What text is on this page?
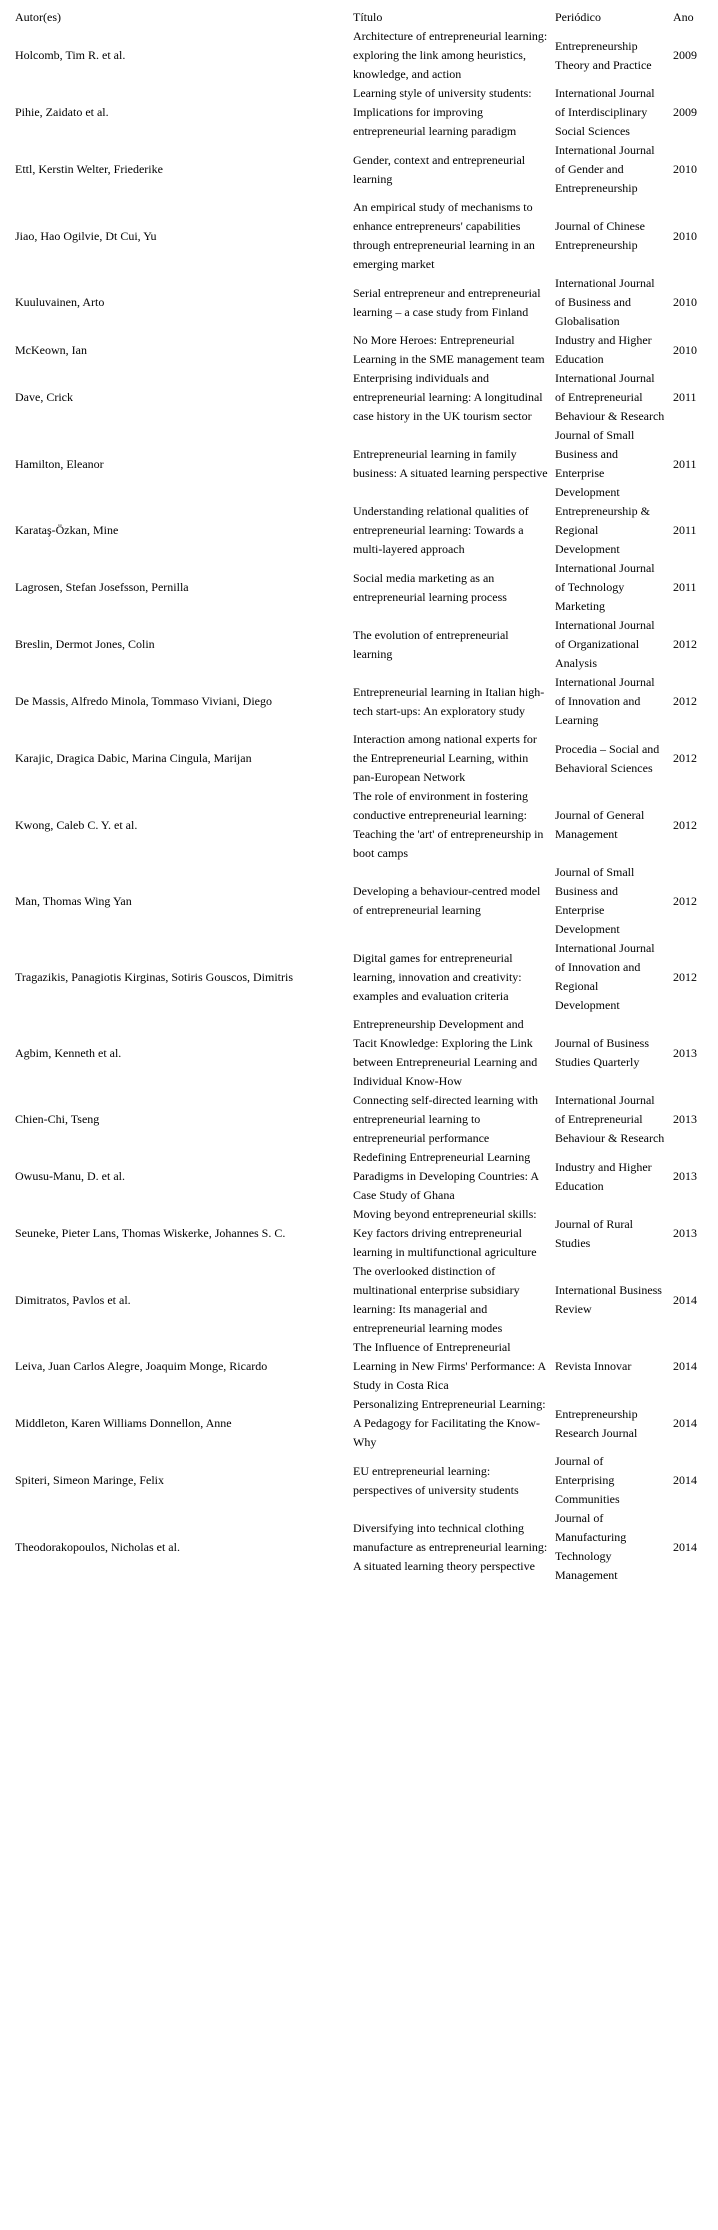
Autor(es)	Título	Periódico	Ano
Holcomb, Tim R. et al.	Architecture of entrepreneurial learning: exploring the link among heuristics, knowledge, and action	Entrepreneurship Theory and Practice	2009
Pihie, Zaidato et al.	Learning style of university students: Implications for improving entrepreneurial learning paradigm	International Journal of Interdisciplinary Social Sciences	2009
Ettl, Kerstin Welter, Friederike	Gender, context and entrepreneurial learning	International Journal of Gender and Entrepreneurship	2010
Jiao, Hao Ogilvie, Dt Cui, Yu	An empirical study of mechanisms to enhance entrepreneurs' capabilities through entrepreneurial learning in an emerging market	Journal of Chinese Entrepreneurship	2010
Kuuluvainen, Arto	Serial entrepreneur and entrepreneurial learning – a case study from Finland	International Journal of Business and Globalisation	2010
McKeown, Ian	No More Heroes: Entrepreneurial Learning in the SME management team	Industry and Higher Education	2010
Dave, Crick	Enterprising individuals and entrepreneurial learning: A longitudinal case history in the UK tourism sector	International Journal of Entrepreneurial Behaviour & Research	2011
Hamilton, Eleanor	Entrepreneurial learning in family business: A situated learning perspective	Journal of Small Business and Enterprise Development	2011
Karataş-Özkan, Mine	Understanding relational qualities of entrepreneurial learning: Towards a multi-layered approach	Entrepreneurship & Regional Development	2011
Lagrosen, Stefan Josefsson, Pernilla	Social media marketing as an entrepreneurial learning process	International Journal of Technology Marketing	2011
Breslin, Dermot Jones, Colin	The evolution of entrepreneurial learning	International Journal of Organizational Analysis	2012
De Massis, Alfredo Minola, Tommaso Viviani, Diego	Entrepreneurial learning in Italian high-tech start-ups: An exploratory study	International Journal of Innovation and Learning	2012
Karajic, Dragica Dabic, Marina Cingula, Marijan	Interaction among national experts for the Entrepreneurial Learning, within pan-European Network	Procedia – Social and Behavioral Sciences	2012
Kwong, Caleb C. Y. et al.	The role of environment in fostering conductive entrepreneurial learning: Teaching the 'art' of entrepreneurship in boot camps	Journal of General Management	2012
Man, Thomas Wing Yan	Developing a behaviour-centred model of entrepreneurial learning	Journal of Small Business and Enterprise Development	2012
Tragazikis, Panagiotis Kirginas, Sotiris Gouscos, Dimitris	Digital games for entrepreneurial learning, innovation and creativity: examples and evaluation criteria	International Journal of Innovation and Regional Development	2012
Agbim, Kenneth et al.	Entrepreneurship Development and Tacit Knowledge: Exploring the Link between Entrepreneurial Learning and Individual Know-How	Journal of Business Studies Quarterly	2013
Chien-Chi, Tseng	Connecting self-directed learning with entrepreneurial learning to entrepreneurial performance	International Journal of Entrepreneurial Behaviour & Research	2013
Owusu-Manu, D. et al.	Redefining Entrepreneurial Learning Paradigms in Developing Countries: A Case Study of Ghana	Industry and Higher Education	2013
Seuneke, Pieter Lans, Thomas Wiskerke, Johannes S. C.	Moving beyond entrepreneurial skills: Key factors driving entrepreneurial learning in multifunctional agriculture	Journal of Rural Studies	2013
Dimitratos, Pavlos et al.	The overlooked distinction of multinational enterprise subsidiary learning: Its managerial and entrepreneurial learning modes	International Business Review	2014
Leiva, Juan Carlos Alegre, Joaquim Monge, Ricardo	The Influence of Entrepreneurial Learning in New Firms' Performance: A Study in Costa Rica	Revista Innovar	2014
Middleton, Karen Williams Donnellon, Anne	Personalizing Entrepreneurial Learning: A Pedagogy for Facilitating the Know-Why	Entrepreneurship Research Journal	2014
Spiteri, Simeon Maringe, Felix	EU entrepreneurial learning: perspectives of university students	Journal of Enterprising Communities	2014
Theodorakopoulos, Nicholas et al.	Diversifying into technical clothing manufacture as entrepreneurial learning: A situated learning theory perspective	Journal of Manufacturing Technology Management	2014
